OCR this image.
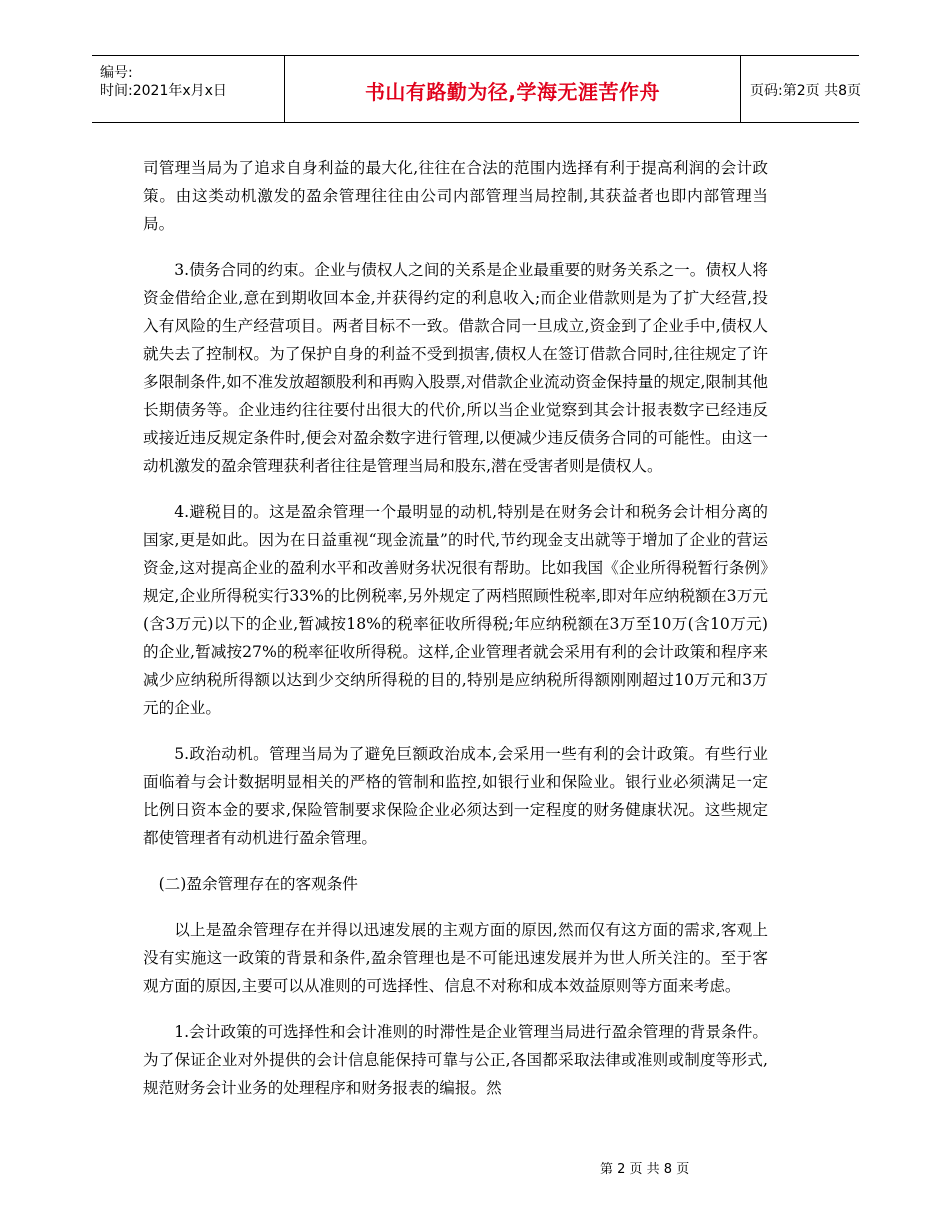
编号:
时间:2021年x月x日	书山有路勤为径,学海无涯苦作舟	页码:第2页 共8页

司管理当局为了追求自身利益的最大化,往往在合法的范围内选择有利于提高利润的会计政策。由这类动机激发的盈余管理往往由公司内部管理当局控制,其获益者也即内部管理当局。

3.债务合同的约束。企业与债权人之间的关系是企业最重要的财务关系之一。债权人将资金借给企业,意在到期收回本金,并获得约定的利息收入;而企业借款则是为了扩大经营,投入有风险的生产经营项目。两者目标不一致。借款合同一旦成立,资金到了企业手中,债权人就失去了控制权。为了保护自身的利益不受到损害,债权人在签订借款合同时,往往规定了许多限制条件,如不准发放超额股利和再购入股票,对借款企业流动资金保持量的规定,限制其他长期债务等。企业违约往往要付出很大的代价,所以当企业觉察到其会计报表数字已经违反或接近违反规定条件时,便会对盈余数字进行管理,以便减少违反债务合同的可能性。由这一动机激发的盈余管理获利者往往是管理当局和股东,潜在受害者则是债权人。

4.避税目的。这是盈余管理一个最明显的动机,特别是在财务会计和税务会计相分离的国家,更是如此。因为在日益重视“现金流量”的时代,节约现金支出就等于增加了企业的营运资金,这对提高企业的盈利水平和改善财务状况很有帮助。比如我国《企业所得税暂行条例》规定,企业所得税实行33%的比例税率,另外规定了两档照顾性税率,即对年应纳税额在3万元(含3万元)以下的企业,暂减按18%的税率征收所得税;年应纳税额在3万至10万(含10万元)的企业,暂减按27%的税率征收所得税。这样,企业管理者就会采用有利的会计政策和程序来减少应纳税所得额以达到少交纳所得税的目的,特别是应纳税所得额刚刚超过10万元和3万元的企业。

5.政治动机。管理当局为了避免巨额政治成本,会采用一些有利的会计政策。有些行业面临着与会计数据明显相关的严格的管制和监控,如银行业和保险业。银行业必须满足一定比例日资本金的要求,保险管制要求保险企业必须达到一定程度的财务健康状况。这些规定都使管理者有动机进行盈余管理。

(二)盈余管理存在的客观条件

以上是盈余管理存在并得以迅速发展的主观方面的原因,然而仅有这方面的需求,客观上没有实施这一政策的背景和条件,盈余管理也是不可能迅速发展并为世人所关注的。至于客观方面的原因,主要可以从准则的可选择性、信息不对称和成本效益原则等方面来考虑。

1.会计政策的可选择性和会计准则的时滞性是企业管理当局进行盈余管理的背景条件。为了保证企业对外提供的会计信息能保持可靠与公正,各国都采取法律或准则或制度等形式,规范财务会计业务的处理程序和财务报表的编报。然

第 2 页 共 8 页
